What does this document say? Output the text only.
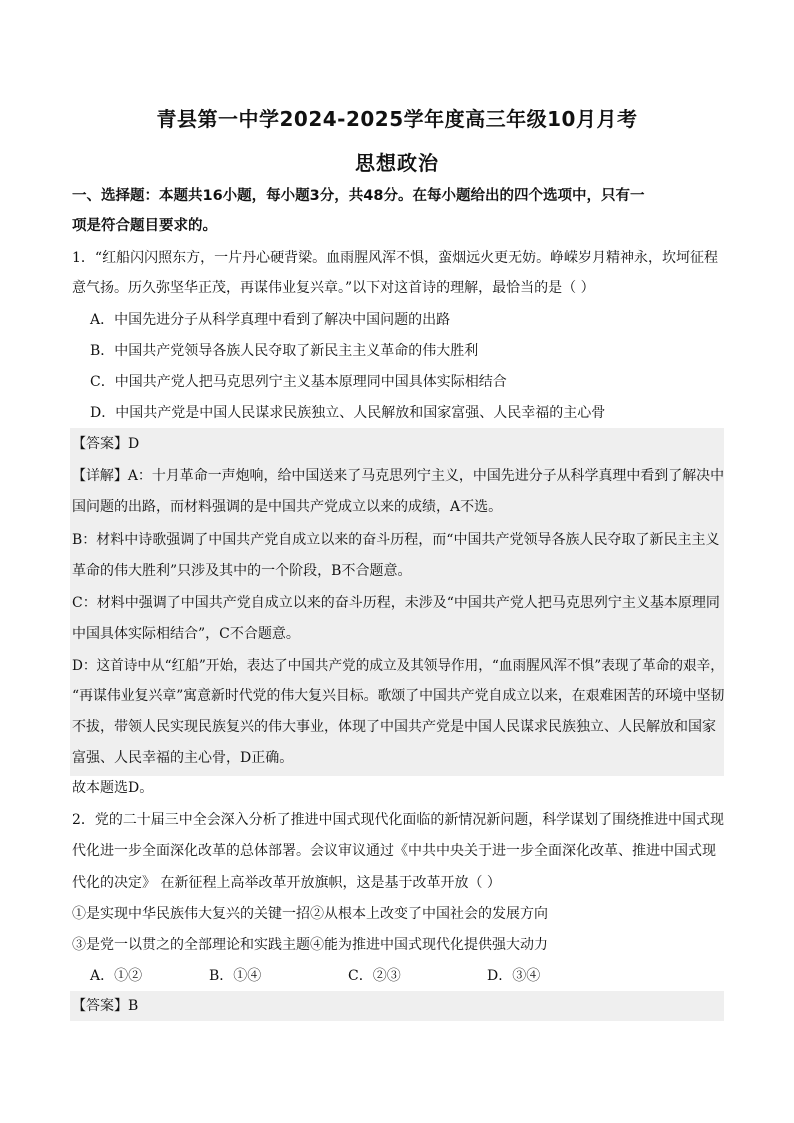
青县第一中学2024-2025学年度高三年级10月月考
思想政治
一、选择题：本题共16小题，每小题3分，共48分。在每小题给出的四个选项中，只有一
项是符合题目要求的。
1．“红船闪闪照东方，一片丹心硬背梁。血雨腥风浑不惧，蛮烟远火更无妨。峥嵘岁月精神永，坎坷征程
意气扬。历久弥坚华正茂，再谋伟业复兴章。”以下对这首诗的理解，最恰当的是（ ）
A．中国先进分子从科学真理中看到了解决中国问题的出路
B．中国共产党领导各族人民夺取了新民主主义革命的伟大胜利
C．中国共产党人把马克思列宁主义基本原理同中国具体实际相结合
D．中国共产党是中国人民谋求民族独立、人民解放和国家富强、人民幸福的主心骨
【答案】D
【详解】A：十月革命一声炮响，给中国送来了马克思列宁主义，中国先进分子从科学真理中看到了解决中
国问题的出路，而材料强调的是中国共产党成立以来的成绩，A不选。
B：材料中诗歌强调了中国共产党自成立以来的奋斗历程，而“中国共产党领导各族人民夺取了新民主主义
革命的伟大胜利”只涉及其中的一个阶段，B不合题意。
C：材料中强调了中国共产党自成立以来的奋斗历程，未涉及“中国共产党人把马克思列宁主义基本原理同
中国具体实际相结合”，C不合题意。
D：这首诗中从“红船”开始，表达了中国共产党的成立及其领导作用，“血雨腥风浑不惧”表现了革命的艰辛，
“再谋伟业复兴章”寓意新时代党的伟大复兴目标。歌颂了中国共产党自成立以来，在艰难困苦的环境中坚韧
不拔，带领人民实现民族复兴的伟大事业，体现了中国共产党是中国人民谋求民族独立、人民解放和国家
富强、人民幸福的主心骨，D正确。
故本题选D。
2．党的二十届三中全会深入分析了推进中国式现代化面临的新情况新问题，科学谋划了围绕推进中国式现
代化进一步全面深化改革的总体部署。会议审议通过《中共中央关于进一步全面深化改革、推进中国式现
代化的决定》 在新征程上高举改革开放旗帜，这是基于改革开放（ ）
①是实现中华民族伟大复兴的关键一招②从根本上改变了中国社会的发展方向
③是党一以贯之的全部理论和实践主题④能为推进中国式现代化提供强大动力
A．①②	B．①④	C．②③	D．③④
【答案】B
